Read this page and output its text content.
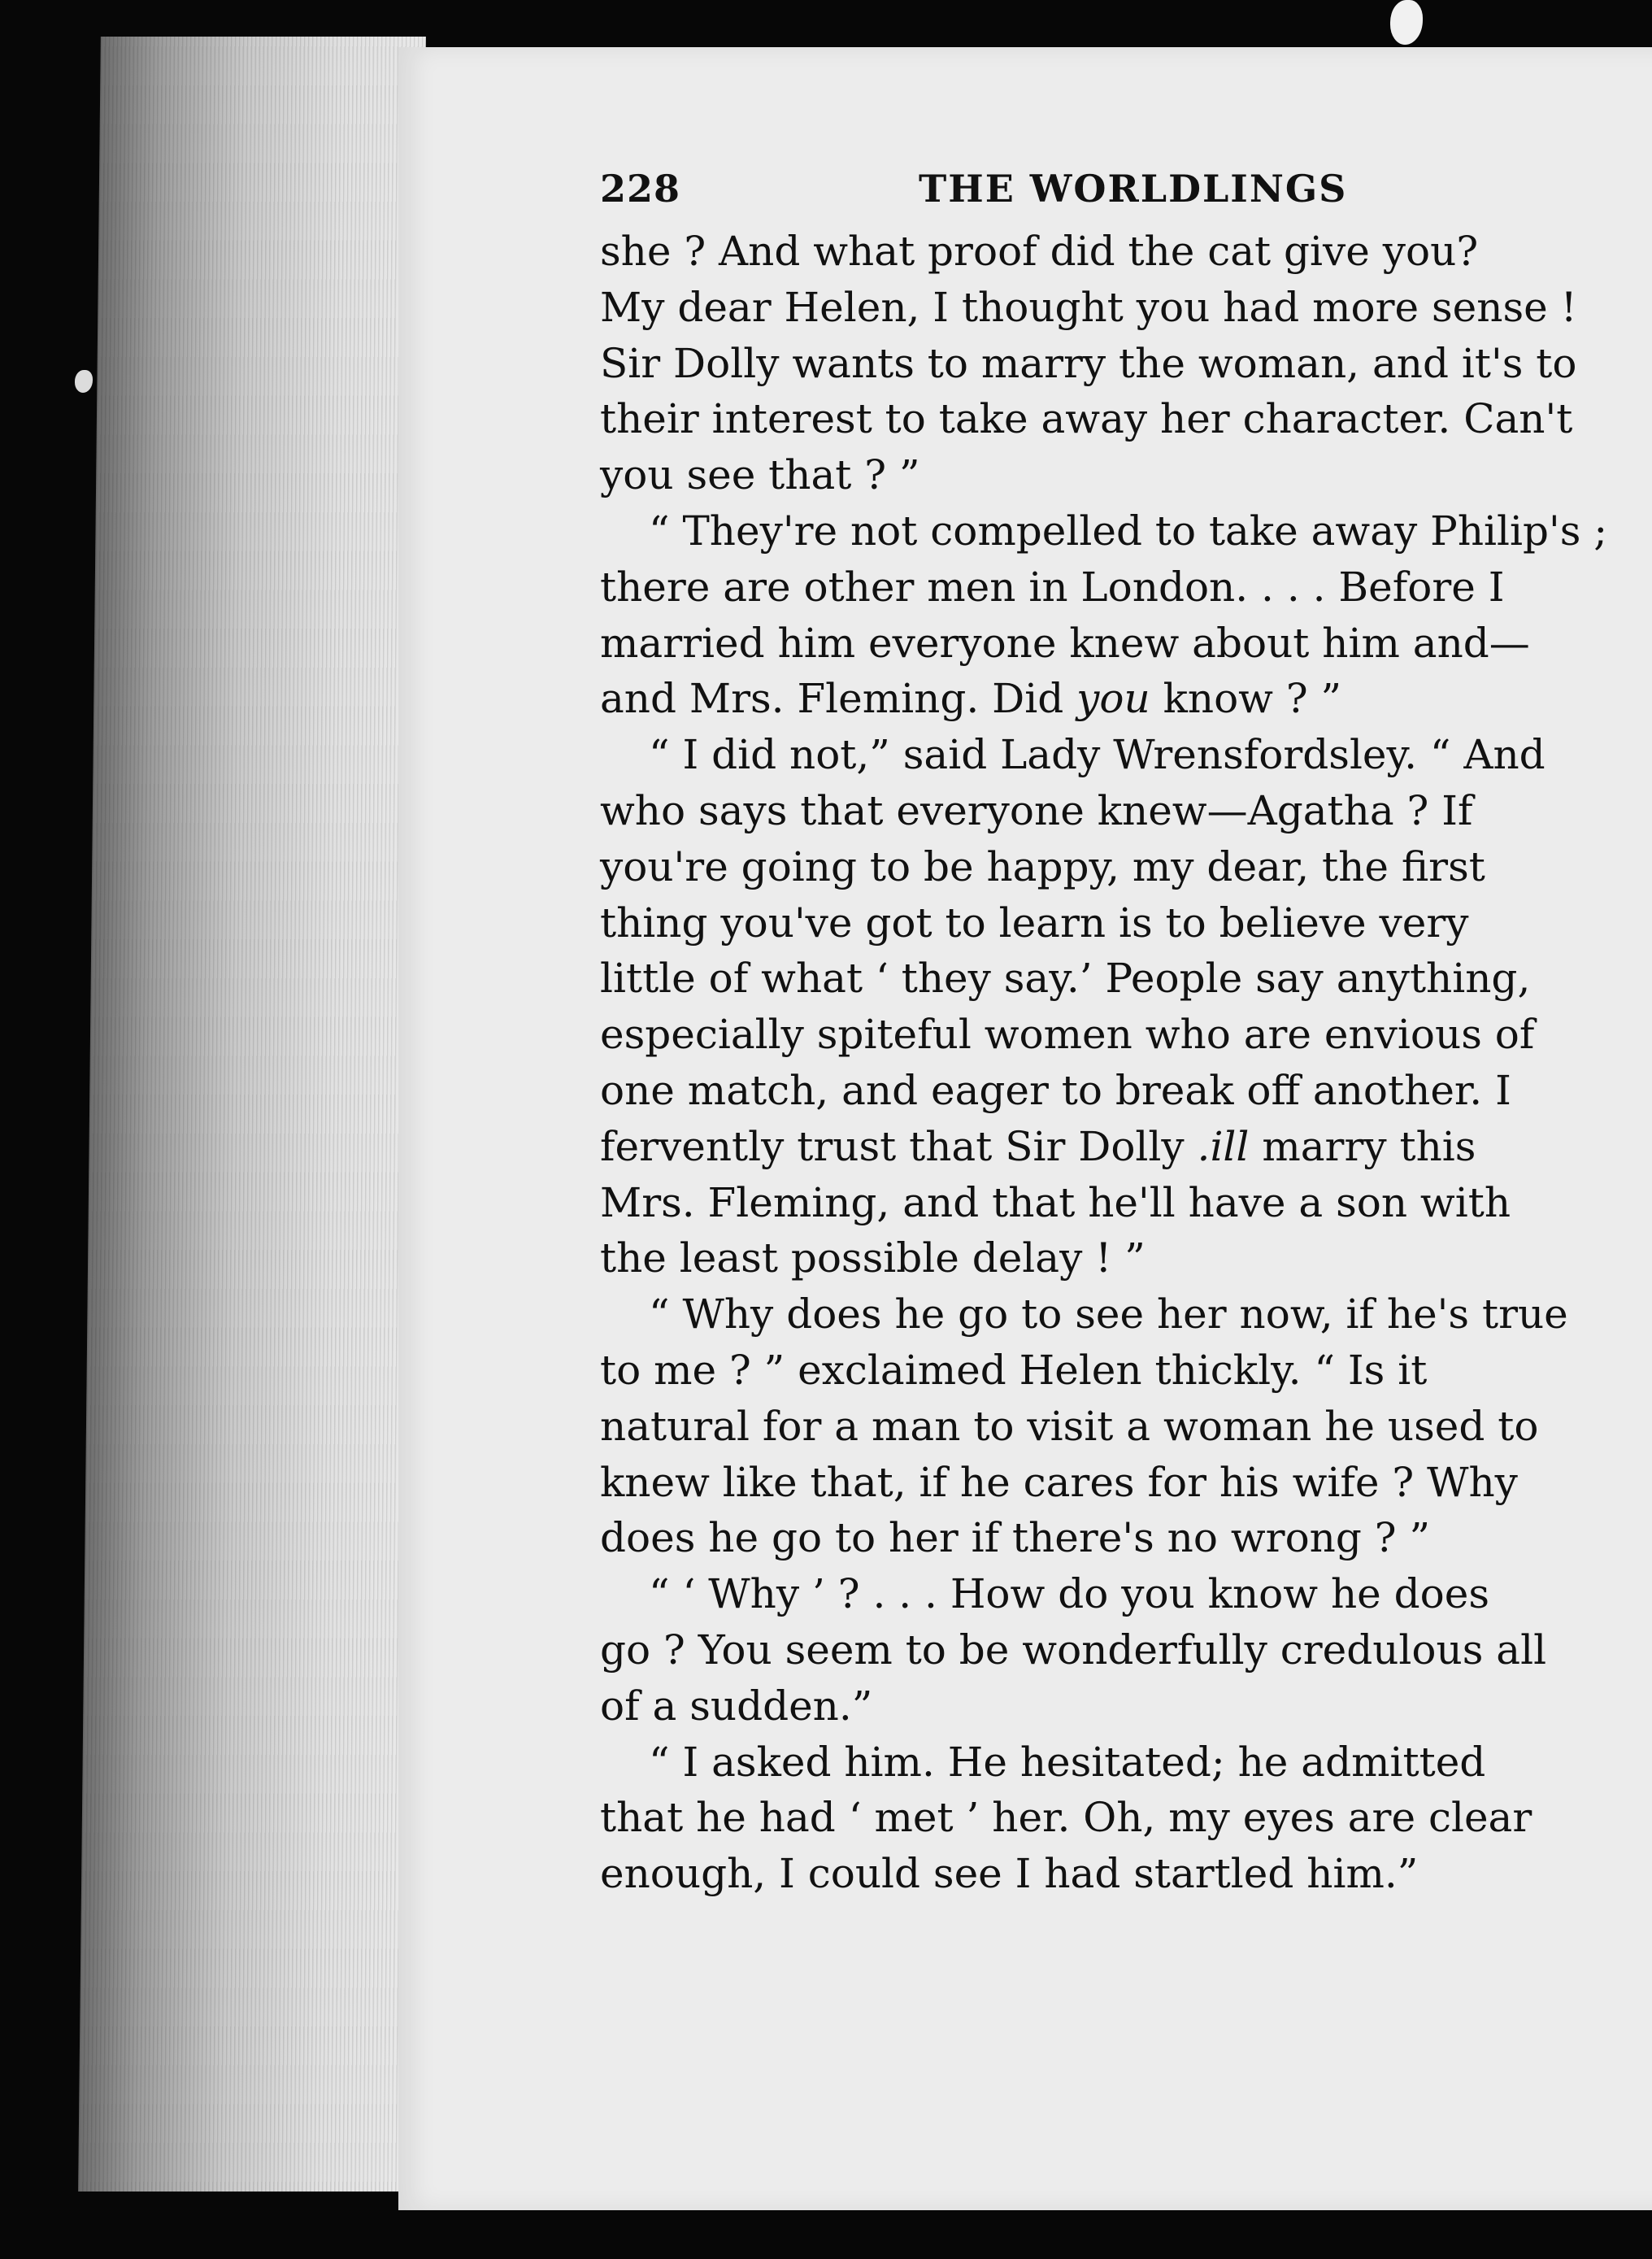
228	THE WORLDLINGS
she ? And what proof did the cat give you?
My dear Helen, I thought you had more sense !
Sir Dolly wants to marry the woman, and it's to
their interest to take away her character. Can't
you see that ? ”
“ They're not compelled to take away Philip's ;
there are other men in London. . . . Before I
married him everyone knew about him and—
and Mrs. Fleming. Did you know ? ”
“ I did not,” said Lady Wrensfordsley. “ And
who says that everyone knew—Agatha ? If
you're going to be happy, my dear, the first
thing you've got to learn is to believe very
little of what ‘ they say.’ People say anything,
especially spiteful women who are envious of
one match, and eager to break off another. I
fervently trust that Sir Dolly .ill marry this
Mrs. Fleming, and that he'll have a son with
the least possible delay ! ”
“ Why does he go to see her now, if he's true
to me ? ” exclaimed Helen thickly. “ Is it
natural for a man to visit a woman he used to
knew like that, if he cares for his wife ? Why
does he go to her if there's no wrong ? ”
“ ‘ Why ’ ? . . . How do you know he does
go ? You seem to be wonderfully credulous all
of a sudden.”
“ I asked him. He hesitated; he admitted
that he had ‘ met ’ her. Oh, my eyes are clear
enough, I could see I had startled him.”
